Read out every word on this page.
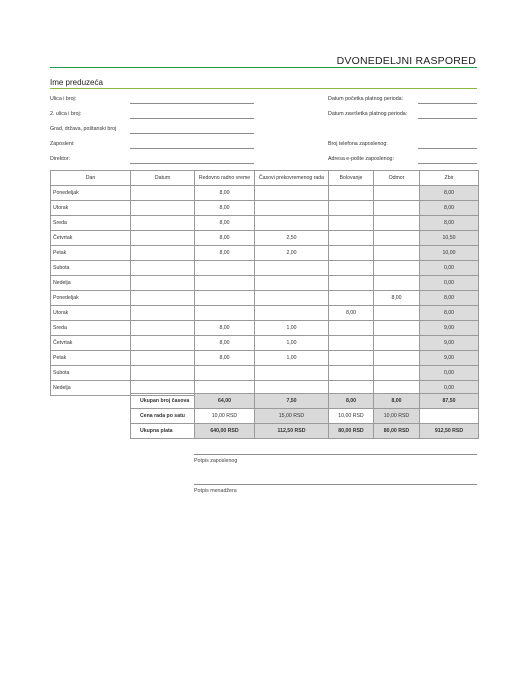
DVONEDELJNI RASPORED
Ime preduzeća
Ulica i broj:
2. ulica i broj:
Grad, država, poštanski broj
Zaposleni:
Direktor:
Datum početka platnog perioda:
Datum završetka platnog perioda:
Broj telefona zaposlenog:
Adresa e-pošte zaposlenog:
Dan	Datum	Redovno radno vreme	Časovi prekovremenog rada	Bolovanje	Odmor	Zbir
Ponedeljak		8,00				8,00
Utorak		8,00				8,00
Sreda		8,00				8,00
Četvrtak		8,00	2,50			10,50
Petak		8,00	2,00			10,00
Subota						0,00
Nedelja						0,00
Ponedeljak					8,00	8,00
Utorak				8,00		8,00
Sreda		8,00	1,00			9,00
Četvrtak		8,00	1,00			9,00
Petak		8,00	1,00			9,00
Subota						0,00
Nedelja						0,00
Ukupan broj časova	64,00	7,50	8,00	8,00	87,50
Cena rada po satu	10,00 RSD	15,00 RSD	10,00 RSD	10,00 RSD	
Ukupna plata	640,00 RSD	112,50 RSD	80,00 RSD	80,00 RSD	912,50 RSD
Potpis zaposlenog
Potpis menadžera
